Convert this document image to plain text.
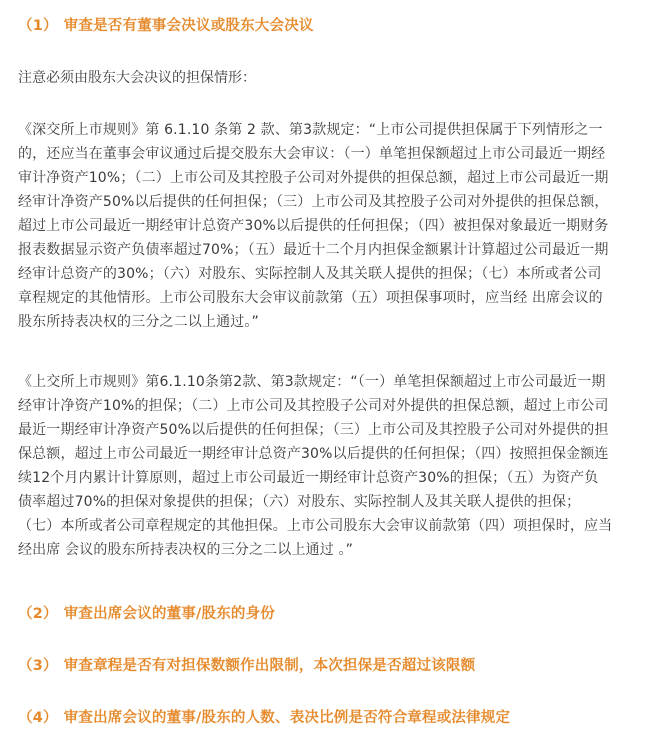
（1） 审查是否有董事会决议或股东大会决议
注意必须由股东大会决议的担保情形：
《深交所上市规则》第 6.1.10 条第 2 款、第3款规定：“上市公司提供担保属于下列情形之一
的，还应当在董事会审议通过后提交股东大会审议：（一）单笔担保额超过上市公司最近一期经
审计净资产10%；（二）上市公司及其控股子公司对外提供的担保总额，超过上市公司最近一期
经审计净资产50%以后提供的任何担保；（三）上市公司及其控股子公司对外提供的担保总额，
超过上市公司最近一期经审计总资产30%以后提供的任何担保；（四）被担保对象最近一期财务
报表数据显示资产负债率超过70%；（五）最近十二个月内担保金额累计计算超过公司最近一期
经审计总资产的30%；（六）对股东、实际控制人及其关联人提供的担保；（七）本所或者公司
章程规定的其他情形。上市公司股东大会审议前款第（五）项担保事项时，应当经 出席会议的
股东所持表决权的三分之二以上通过。”
《上交所上市规则》第6.1.10条第2款、第3款规定：“（一）单笔担保额超过上市公司最近一期
经审计净资产10%的担保；（二）上市公司及其控股子公司对外提供的担保总额，超过上市公司
最近一期经审计净资产50%以后提供的任何担保；（三）上市公司及其控股子公司对外提供的担
保总额，超过上市公司最近一期经审计总资产30%以后提供的任何担保；（四）按照担保金额连
续12个月内累计计算原则，超过上市公司最近一期经审计总资产30%的担保；（五）为资产负
债率超过70%的担保对象提供的担保；（六）对股东、实际控制人及其关联人提供的担保；
（七）本所或者公司章程规定的其他担保。上市公司股东大会审议前款第（四）项担保时，应当
经出席 会议的股东所持表决权的三分之二以上通过 。”
（2） 审查出席会议的董事/股东的身份
（3） 审查章程是否有对担保数额作出限制，本次担保是否超过该限额
（4） 审查出席会议的董事/股东的人数、表决比例是否符合章程或法律规定
